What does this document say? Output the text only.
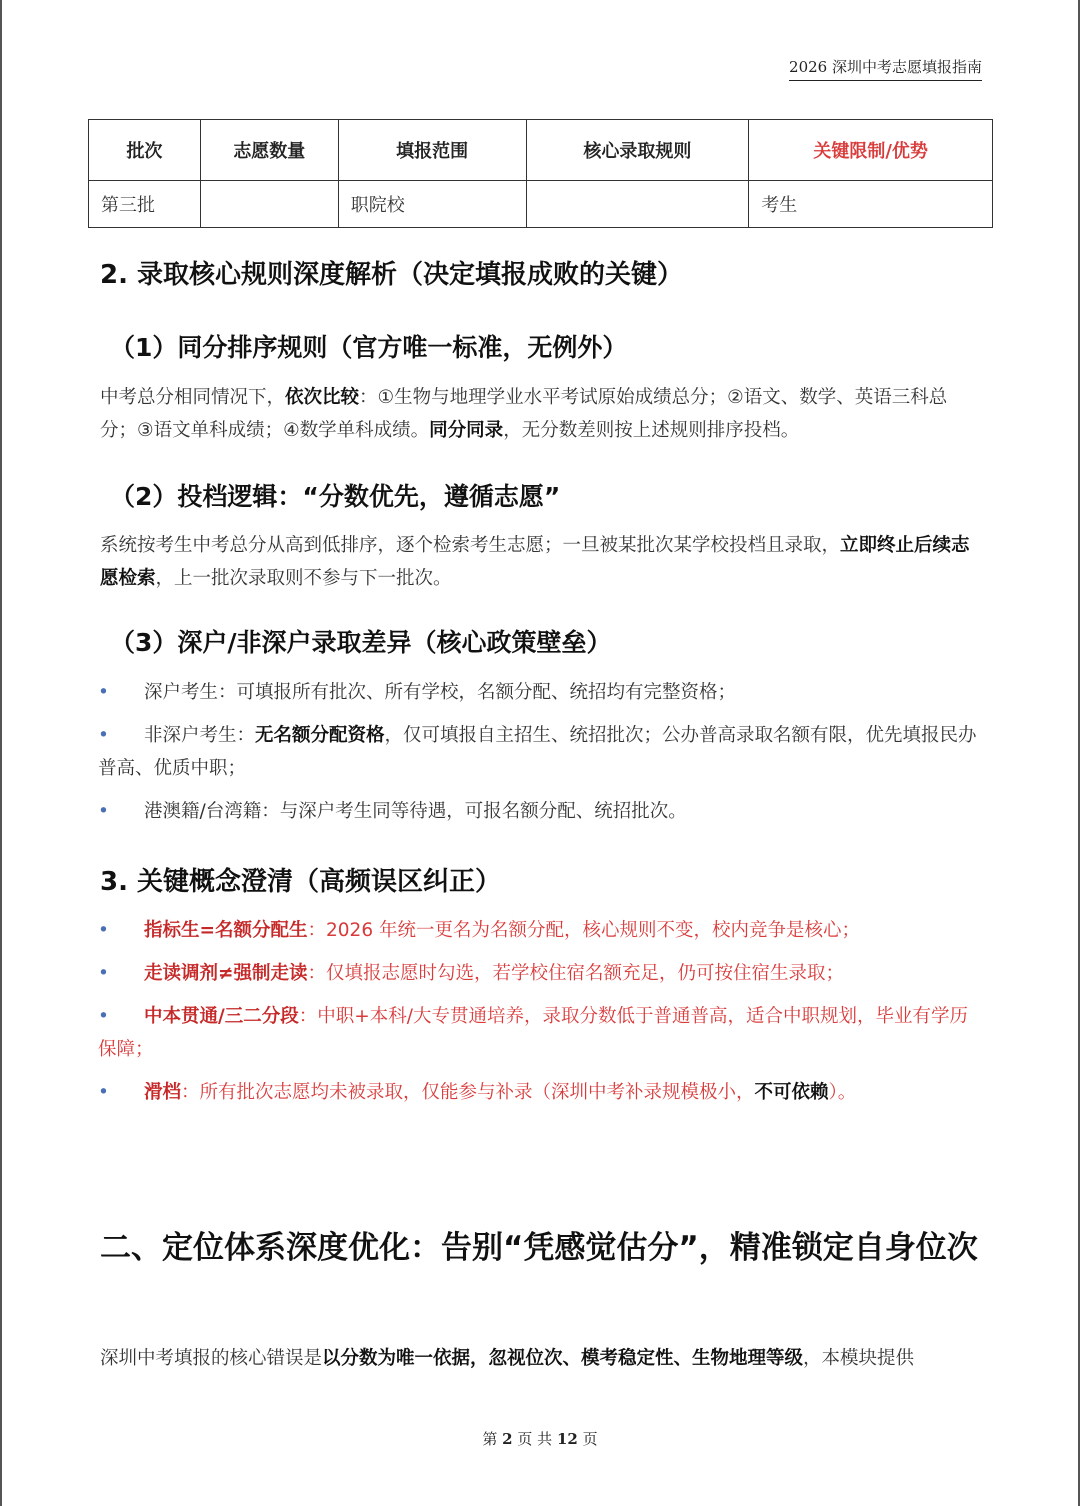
2026 深圳中考志愿填报指南
批次	志愿数量	填报范围	核心录取规则	关键限制/优势
第三批		职院校		考生
2. 录取核心规则深度解析（决定填报成败的关键）
（1）同分排序规则（官方唯一标准，无例外）

中考总分相同情况下，依次比较：①生物与地理学业水平考试原始成绩总分；②语文、数学、英语三科总分；③语文单科成绩；④数学单科成绩。同分同录，无分数差则按上述规则排序投档。

（2）投档逻辑：“分数优先，遵循志愿”

系统按考生中考总分从高到低排序，逐个检索考生志愿；一旦被某批次某学校投档且录取，立即终止后续志愿检索，上一批次录取则不参与下一批次。

（3）深户/非深户录取差异（核心政策壁垒）
• 深户考生：可填报所有批次、所有学校，名额分配、统招均有完整资格；
• 非深户考生：无名额分配资格，仅可填报自主招生、统招批次；公办普高录取名额有限，优先填报民办普高、优质中职；
• 港澳籍/台湾籍：与深户考生同等待遇，可报名额分配、统招批次。
3. 关键概念澄清（高频误区纠正）
• 指标生=名额分配生：2026 年统一更名为名额分配，核心规则不变，校内竞争是核心；
• 走读调剂≠强制走读：仅填报志愿时勾选，若学校住宿名额充足，仍可按住宿生录取；
• 中本贯通/三二分段：中职+本科/大专贯通培养，录取分数低于普通普高，适合中职规划，毕业有学历保障；
• 滑档：所有批次志愿均未被录取，仅能参与补录（深圳中考补录规模极小，不可依赖）。
二、定位体系深度优化：告别“凭感觉估分”，精准锁定自身位次

深圳中考填报的核心错误是以分数为唯一依据，忽视位次、模考稳定性、生物地理等级，本模块提供

第 2 页 共 12 页
